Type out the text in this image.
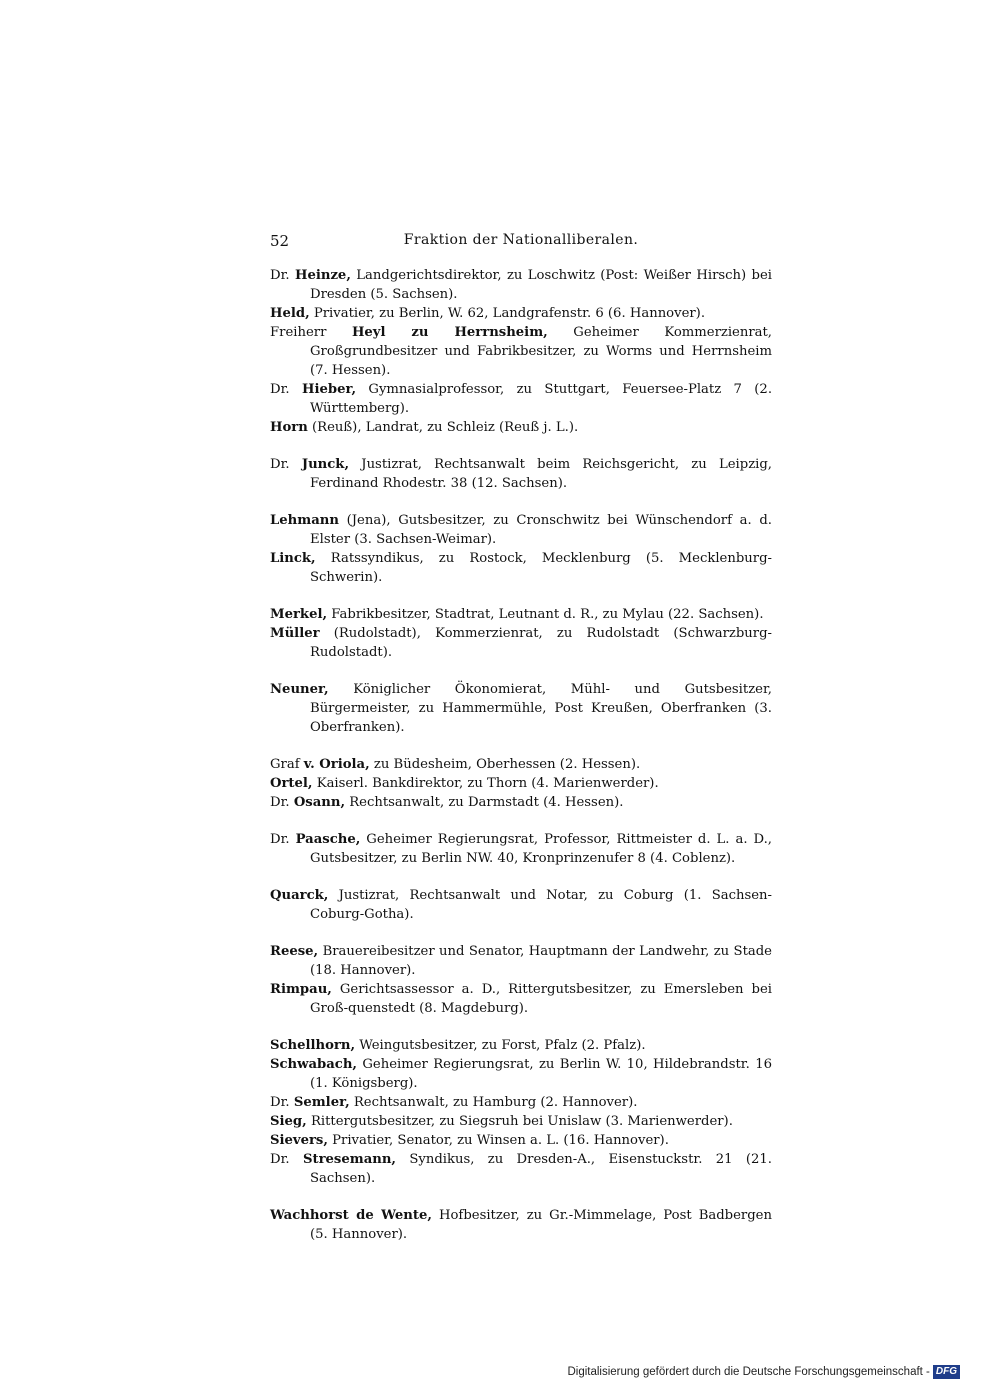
52	Fraktion der Nationalliberalen.
Dr. Heinze, Landgerichtsdirektor, zu Loschwitz (Post: Weißer Hirsch) bei Dresden (5. Sachsen).
Held, Privatier, zu Berlin, W. 62, Landgrafenstr. 6 (6. Hannover).
Freiherr Heyl zu Herrnsheim, Geheimer Kommerzienrat, Großgrundbesitzer und Fabrikbesitzer, zu Worms und Herrnsheim (7. Hessen).
Dr. Hieber, Gymnasialprofessor, zu Stuttgart, Feuersee-Platz 7 (2. Württemberg).
Horn (Reuß), Landrat, zu Schleiz (Reuß j. L.).
Dr. Junck, Justizrat, Rechtsanwalt beim Reichsgericht, zu Leipzig, Ferdinand Rhodestr. 38 (12. Sachsen).
Lehmann (Jena), Gutsbesitzer, zu Cronschwitz bei Wünschendorf a. d. Elster (3. Sachsen-Weimar).
Linck, Ratssyndikus, zu Rostock, Mecklenburg (5. Mecklenburg-Schwerin).
Merkel, Fabrikbesitzer, Stadtrat, Leutnant d. R., zu Mylau (22. Sachsen).
Müller (Rudolstadt), Kommerzienrat, zu Rudolstadt (Schwarzburg-Rudolstadt).
Neuner, Königlicher Ökonomierat, Mühl- und Gutsbesitzer, Bürgermeister, zu Hammermühle, Post Kreußen, Oberfranken (3. Oberfranken).
Graf v. Oriola, zu Büdesheim, Oberhessen (2. Hessen).
Ortel, Kaiserl. Bankdirektor, zu Thorn (4. Marienwerder).
Dr. Osann, Rechtsanwalt, zu Darmstadt (4. Hessen).
Dr. Paasche, Geheimer Regierungsrat, Professor, Rittmeister d. L. a. D., Gutsbesitzer, zu Berlin NW. 40, Kronprinzenufer 8 (4. Coblenz).
Quarck, Justizrat, Rechtsanwalt und Notar, zu Coburg (1. Sachsen-Coburg-Gotha).
Reese, Brauereibesitzer und Senator, Hauptmann der Landwehr, zu Stade (18. Hannover).
Rimpau, Gerichtsassessor a. D., Rittergutsbesitzer, zu Emersleben bei Groß-quenstedt (8. Magdeburg).
Schellhorn, Weingutsbesitzer, zu Forst, Pfalz (2. Pfalz).
Schwabach, Geheimer Regierungsrat, zu Berlin W. 10, Hildebrandstr. 16 (1. Königsberg).
Dr. Semler, Rechtsanwalt, zu Hamburg (2. Hannover).
Sieg, Rittergutsbesitzer, zu Siegsruh bei Unislaw (3. Marienwerder).
Sievers, Privatier, Senator, zu Winsen a. L. (16. Hannover).
Dr. Stresemann, Syndikus, zu Dresden-A., Eisenstuckstr. 21 (21. Sachsen).
Wachhorst de Wente, Hofbesitzer, zu Gr.-Mimmelage, Post Badbergen (5. Hannover).
Digitalisierung gefördert durch die Deutsche Forschungsgemeinschaft - DFG
